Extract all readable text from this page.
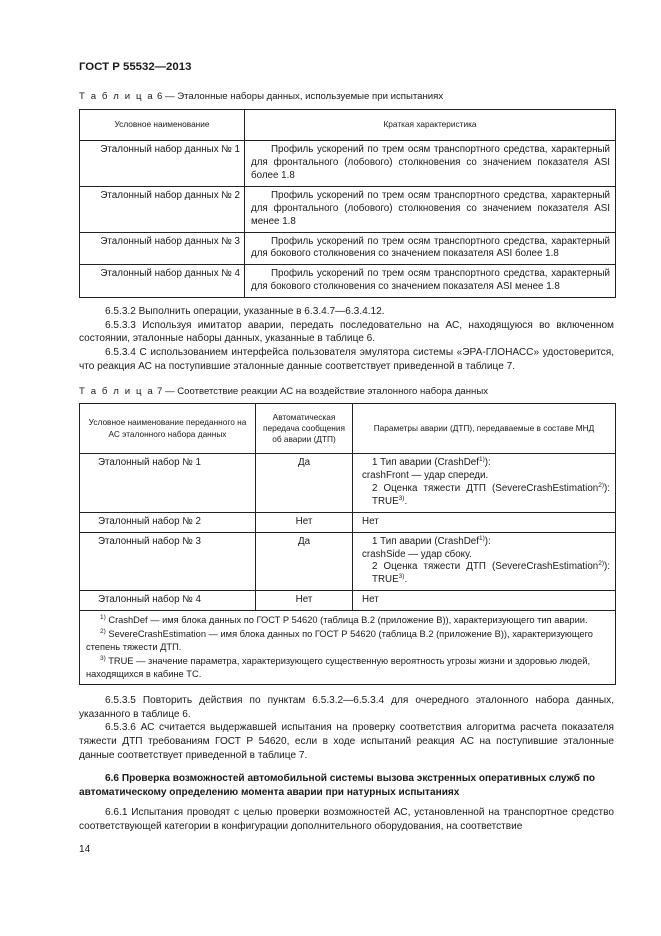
ГОСТ Р 55532—2013
Т а б л и ц а 6 — Эталонные наборы данных, используемые при испытаниях
Условное наименование	Краткая характеристика
Эталонный набор данных № 1	Профиль ускорений по трем осям транспортного средства, характерный для фронтального (лобового) столкновения со значением показателя ASI более 1.8
Эталонный набор данных № 2	Профиль ускорений по трем осям транспортного средства, характерный для фронтального (лобового) столкновения со значением показателя ASI менее 1.8
Эталонный набор данных № 3	Профиль ускорений по трем осям транспортного средства, характерный для бокового столкновения со значением показателя ASI более 1.8
Эталонный набор данных № 4	Профиль ускорений по трем осям транспортного средства, характерный для бокового столкновения со значением показателя ASI менее 1.8

6.5.3.2 Выполнить операции, указанные в 6.3.4.7—6.3.4.12.

6.5.3.3 Используя имитатор аварии, передать последовательно на АС, находящуюся во включенном состоянии, эталонные наборы данных, указанные в таблице 6.

6.5.3.4 С использованием интерфейса пользователя эмулятора системы «ЭРА-ГЛОНАСС» удостоверится, что реакция АС на поступившие эталонные данные соответствует приведенной в таблице 7.

Т а б л и ц а 7 — Соответствие реакции АС на воздействие эталонного набора данных
Условное наименование переданного на АС эталонного набора данных	Автоматическая передача сообщения об аварии (ДТП)	Параметры аварии (ДТП), передаваемые в составе МНД
Эталонный набор № 1	Да	1 Тип аварии (CrashDef$^{1)}$):

crashFront — удар спереди.

2 Оценка тяжести ДТП (SevereCrashEstimation$^{2)}$): TRUE$^{3)}$.

Эталонный набор № 2	Нет	Нет
Эталонный набор № 3	Да	1 Тип аварии (CrashDef$^{1)}$):

crashSide — удар сбоку.

2 Оценка тяжести ДТП (SevereCrashEstimation$^{2)}$): TRUE$^{3)}$.

Эталонный набор № 4	Нет	Нет

$^{1)}$ CrashDef — имя блока данных по ГОСТ Р 54620 (таблица В.2 (приложение В)), характеризующего тип аварии.

$^{2)}$ SevereCrashEstimation — имя блока данных по ГОСТ Р 54620 (таблица В.2 (приложение В)), характеризующего степень тяжести ДТП.

$^{3)}$ TRUE — значение параметра, характеризующего существенную вероятность угрозы жизни и здоровью людей, находящихся в кабине ТС.		

6.5.3.5 Повторить действия по пунктам 6.5.3.2—6.5.3.4 для очередного эталонного набора данных, указанного в таблице 6.

6.5.3.6 АС считается выдержавшей испытания на проверку соответствия алгоритма расчета показателя тяжести ДТП требованиям ГОСТ Р 54620, если в ходе испытаний реакция АС на поступившие эталонные данные соответствует приведенной в таблице 7.

6.6 Проверка возможностей автомобильной системы вызова экстренных оперативных служб по автоматическому определению момента аварии при натурных испытаниях

6.6.1 Испытания проводят с целью проверки возможностей АС, установленной на транспортное средство соответствующей категории в конфигурации дополнительного оборудования, на соответствие

14
